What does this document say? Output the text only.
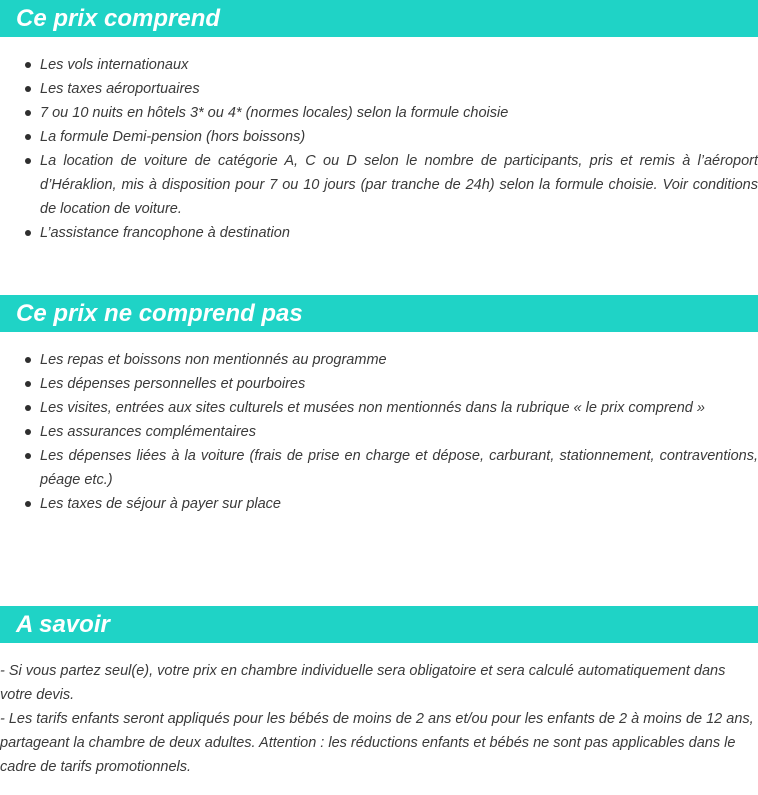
Ce prix comprend
Les vols internationaux
Les taxes aéroportuaires
7 ou 10 nuits en hôtels 3* ou 4* (normes locales) selon la formule choisie
La formule Demi-pension (hors boissons)
La location de voiture de catégorie A, C ou D selon le nombre de participants, pris et remis à l’aéroport d’Héraklion, mis à disposition pour 7 ou 10 jours (par tranche de 24h) selon la formule choisie. Voir conditions de location de voiture.
L’assistance francophone à destination
Ce prix ne comprend pas
Les repas et boissons non mentionnés au programme
Les dépenses personnelles et pourboires
Les visites, entrées aux sites culturels et musées non mentionnés dans la rubrique « le prix comprend »
Les assurances complémentaires
Les dépenses liées à la voiture (frais de prise en charge et dépose, carburant, stationnement, contraventions, péage etc.)
Les taxes de séjour à payer sur place
A savoir

- Si vous partez seul(e), votre prix en chambre individuelle sera obligatoire et sera calculé automatiquement dans votre devis.

- Les tarifs enfants seront appliqués pour les bébés de moins de 2 ans et/ou pour les enfants de 2 à moins de 12 ans, partageant la chambre de deux adultes. Attention : les réductions enfants et bébés ne sont pas applicables dans le cadre de tarifs promotionnels.
